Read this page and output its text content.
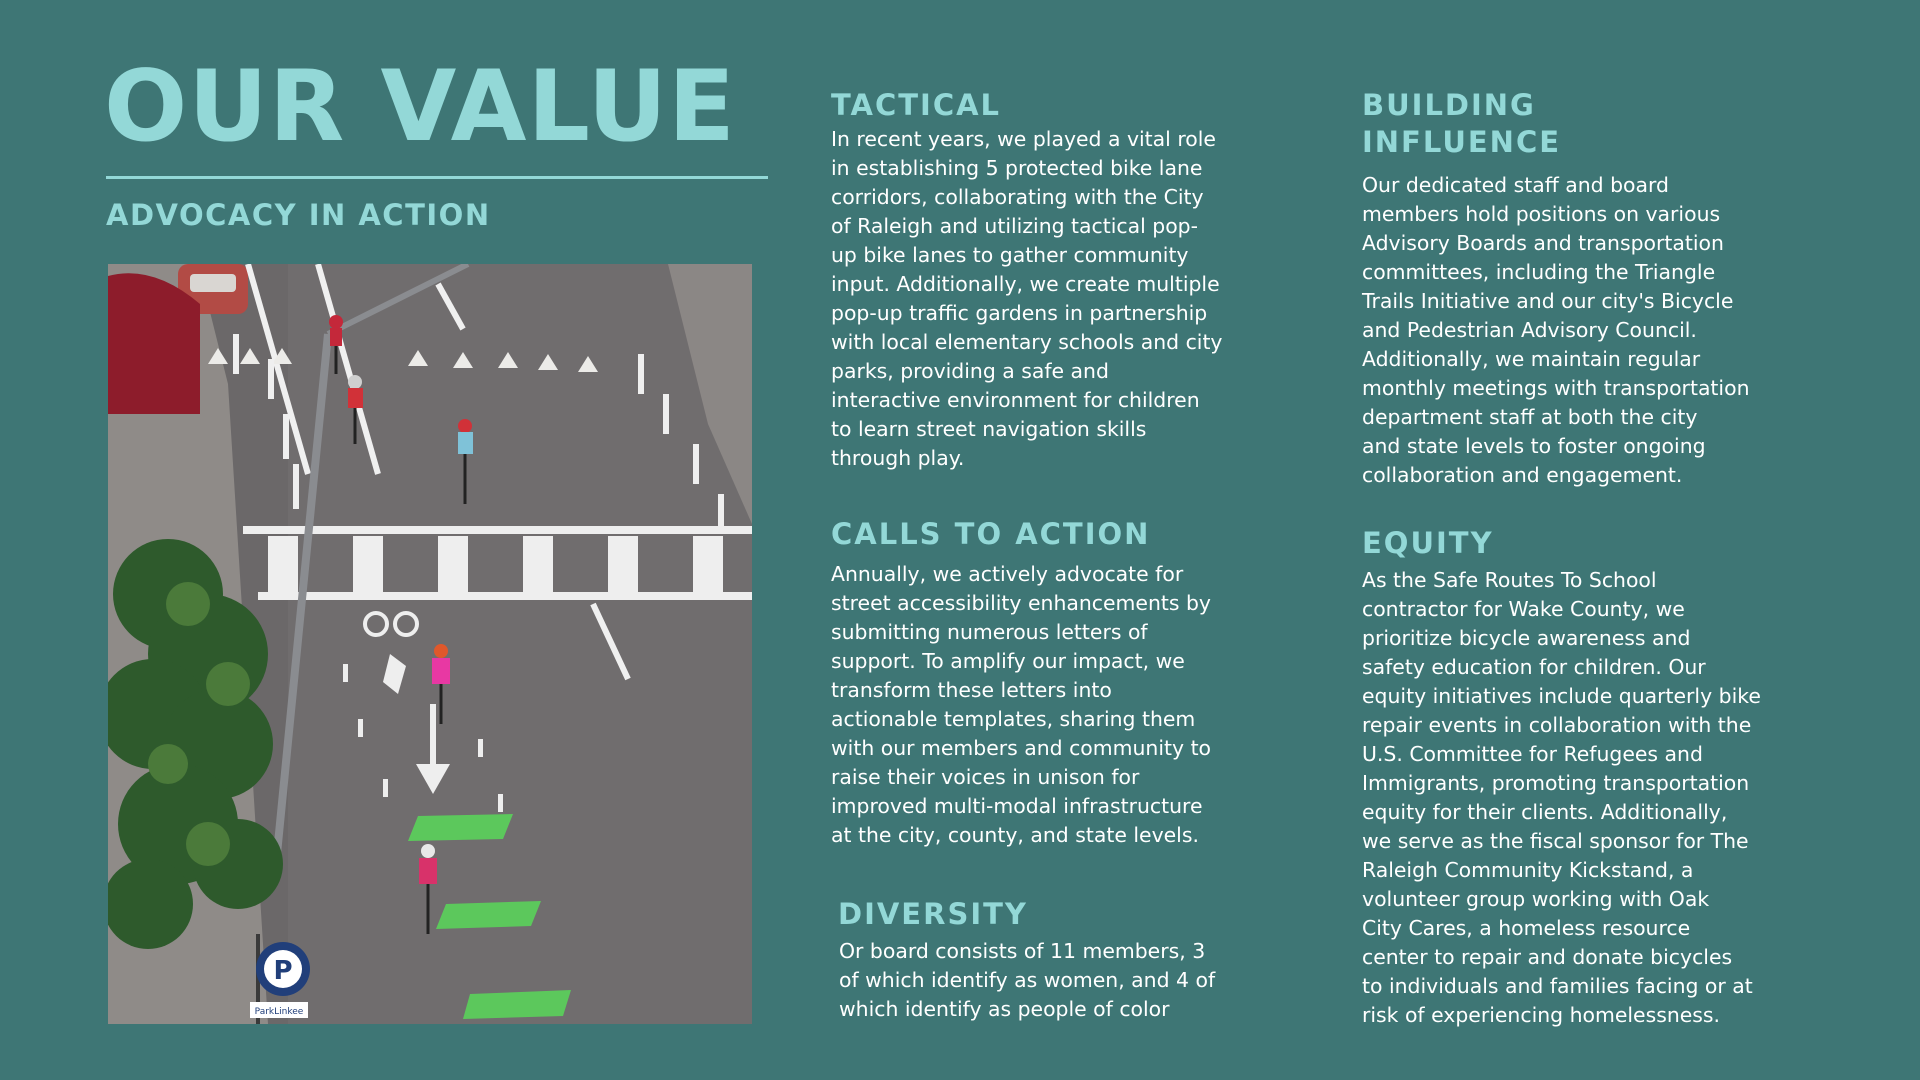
OUR VALUE
ADVOCACY IN ACTION
P
ParkLinkee
TACTICAL

In recent years, we played a vital role
in establishing 5 protected bike lane
corridors, collaborating with the City
of Raleigh and utilizing tactical pop-
up bike lanes to gather community
input. Additionally, we create multiple
pop-up traffic gardens in partnership
with local elementary schools and city
parks, providing a safe and
interactive environment for children
to learn street navigation skills
through play.

CALLS TO ACTION

Annually, we actively advocate for
street accessibility enhancements by
submitting numerous letters of
support. To amplify our impact, we
transform these letters into
actionable templates, sharing them
with our members and community to
raise their voices in unison for
improved multi-modal infrastructure
at the city, county, and state levels.

DIVERSITY

Or board consists of 11 members, 3
of which identify as women, and 4 of
which identify as people of color

BUILDING
INFLUENCE

Our dedicated staff and board
members hold positions on various
Advisory Boards and transportation
committees, including the Triangle
Trails Initiative and our city's Bicycle
and Pedestrian Advisory Council.
Additionally, we maintain regular
monthly meetings with transportation
department staff at both the city
and state levels to foster ongoing
collaboration and engagement.

EQUITY

As the Safe Routes To School
contractor for Wake County, we
prioritize bicycle awareness and
safety education for children. Our
equity initiatives include quarterly bike
repair events in collaboration with the
U.S. Committee for Refugees and
Immigrants, promoting transportation
equity for their clients. Additionally,
we serve as the fiscal sponsor for The
Raleigh Community Kickstand, a
volunteer group working with Oak
City Cares, a homeless resource
center to repair and donate bicycles
to individuals and families facing or at
risk of experiencing homelessness.
